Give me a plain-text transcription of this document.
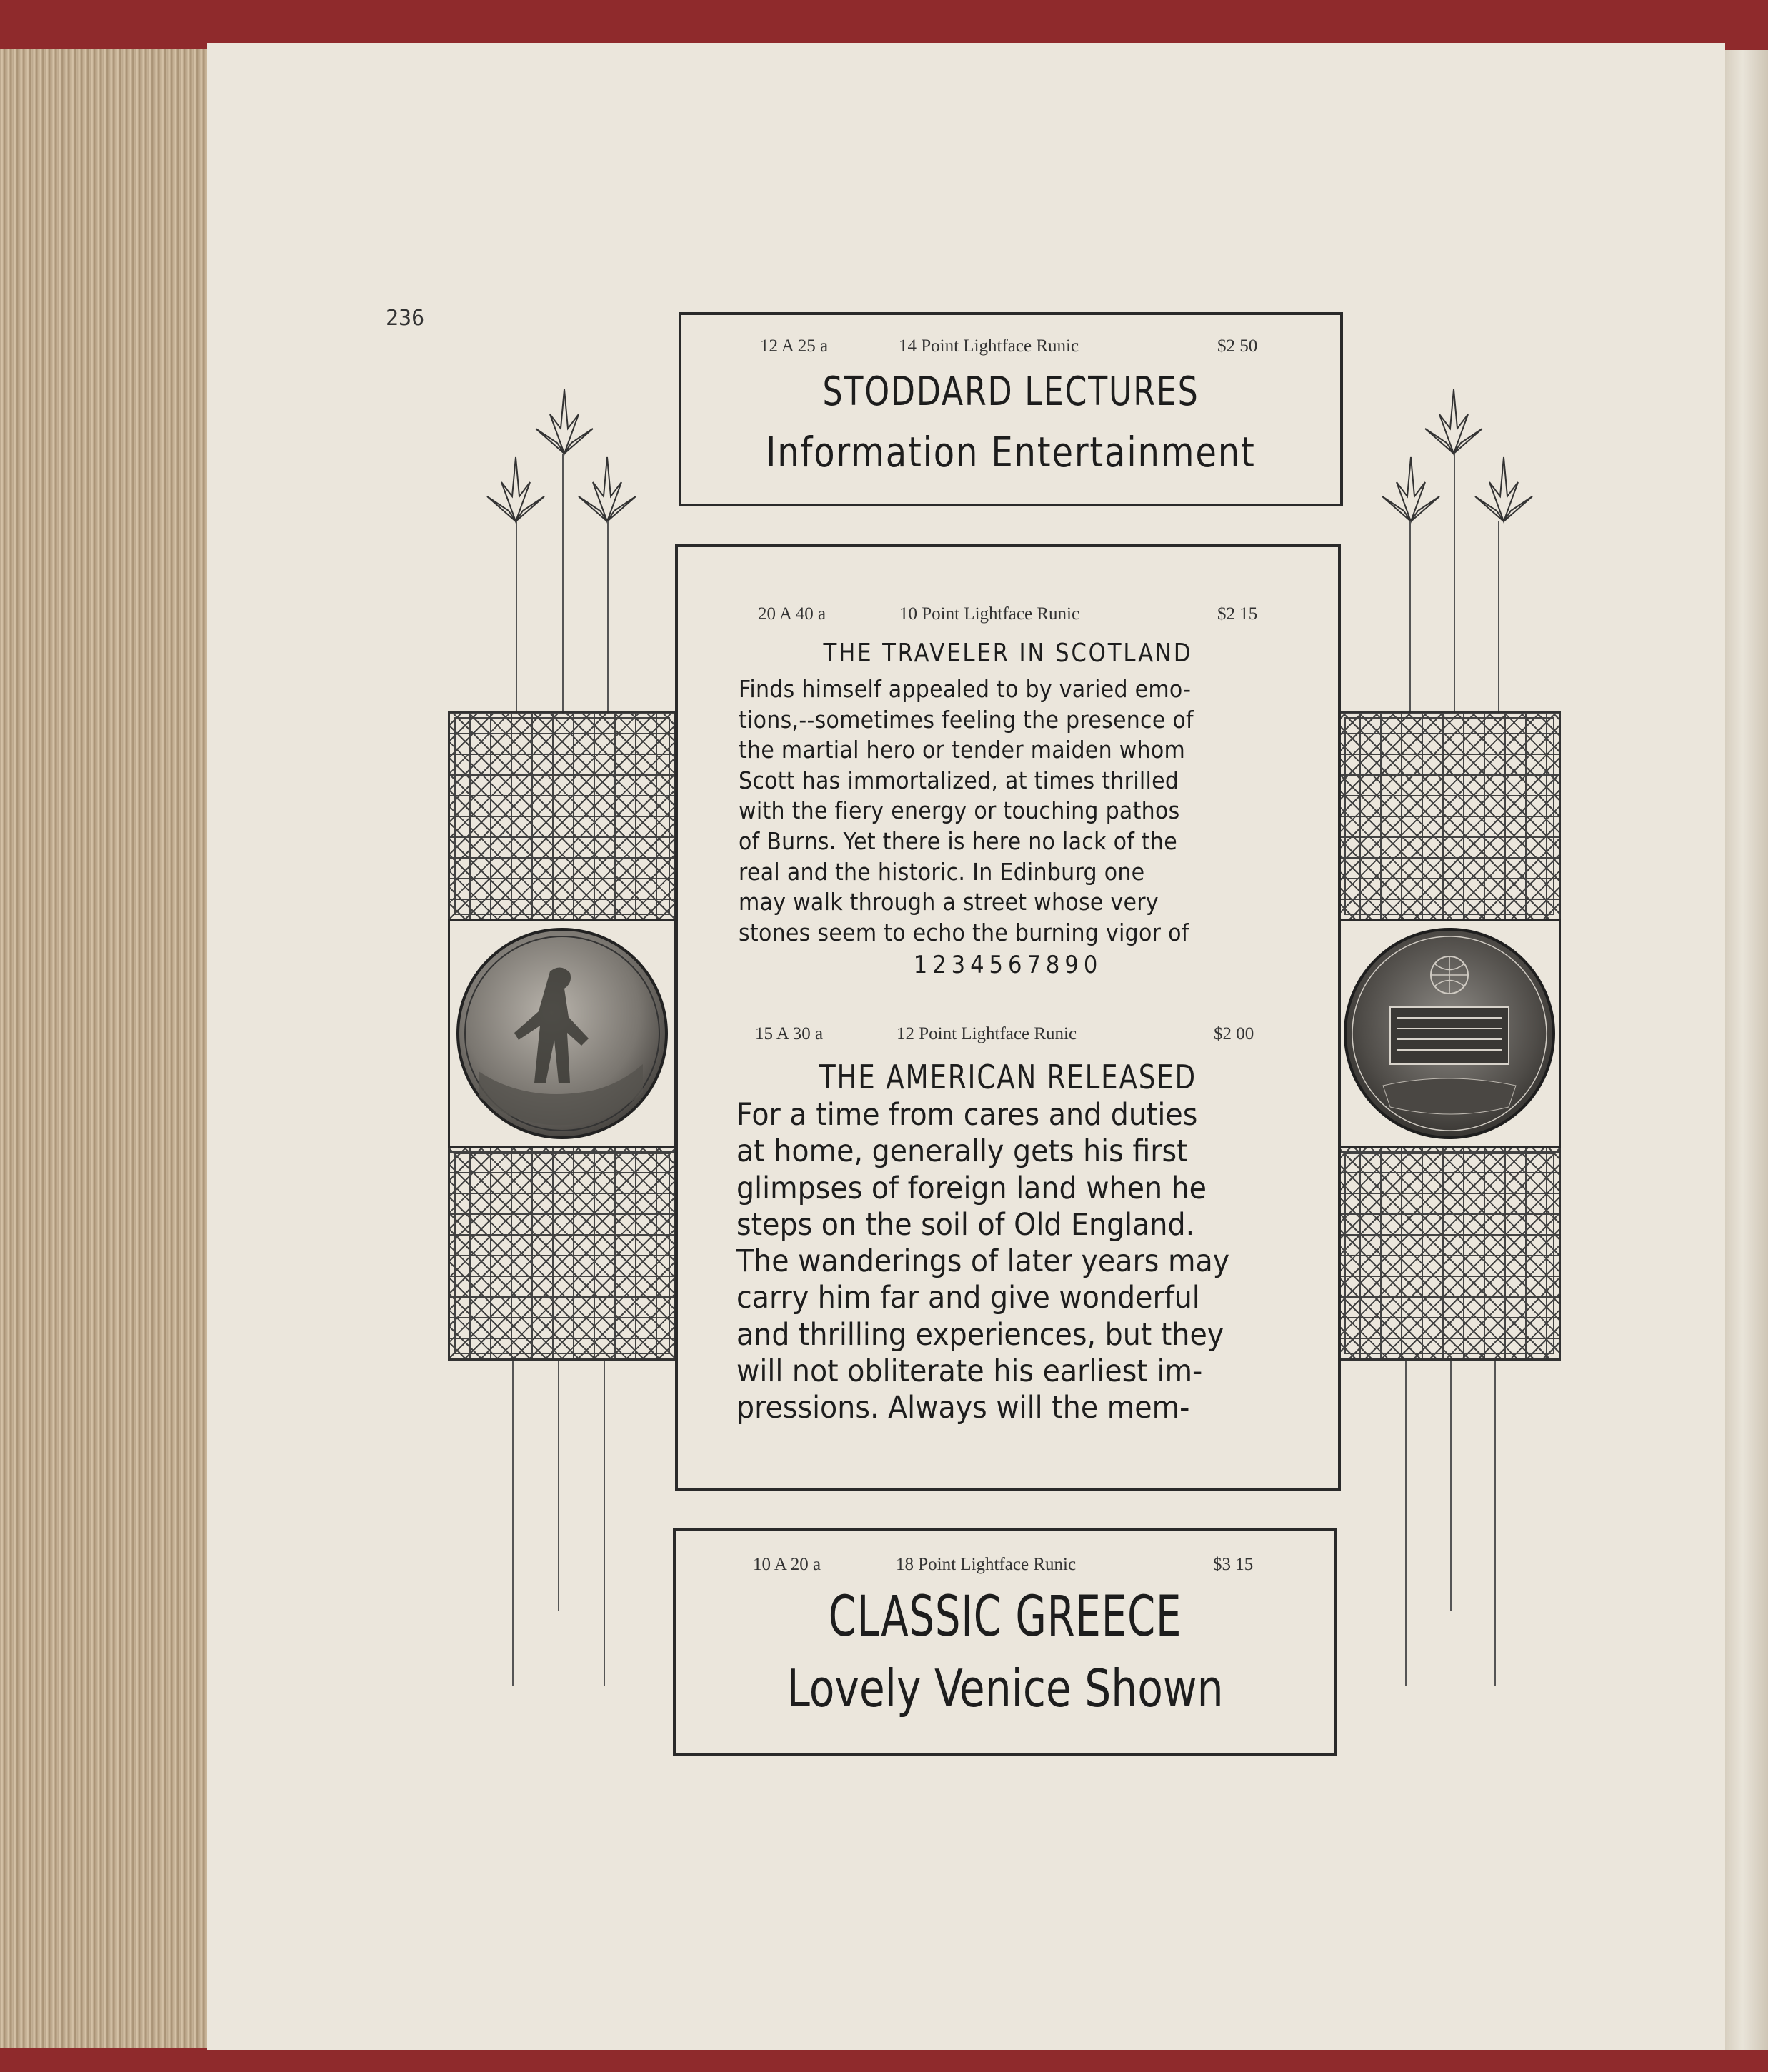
236
12 A 25 a	14 Point Lightface Runic	$2 50
STODDARD LECTURES
Information Entertainment
20 A 40 a	10 Point Lightface Runic	$2 15
THE TRAVELER IN SCOTLAND
Finds himself appealed to by varied emo-
tions,--sometimes feeling the presence of
the martial hero or tender maiden whom
Scott has immortalized, at times thrilled
with the fiery energy or touching pathos
of Burns. Yet there is here no lack of the
real and the historic. In Edinburg one
may walk through a street whose very
stones seem to echo the burning vigor of
1234567890
15 A 30 a	12 Point Lightface Runic	$2 00
THE AMERICAN RELEASED
For a time from cares and duties
at home, generally gets his first
glimpses of foreign land when he
steps on the soil of Old England.
The wanderings of later years may
carry him far and give wonderful
and thrilling experiences, but they
will not obliterate his earliest im-
pressions. Always will the mem-
10 A 20 a	18 Point Lightface Runic	$3 15
CLASSIC GREECE
Lovely Venice Shown
